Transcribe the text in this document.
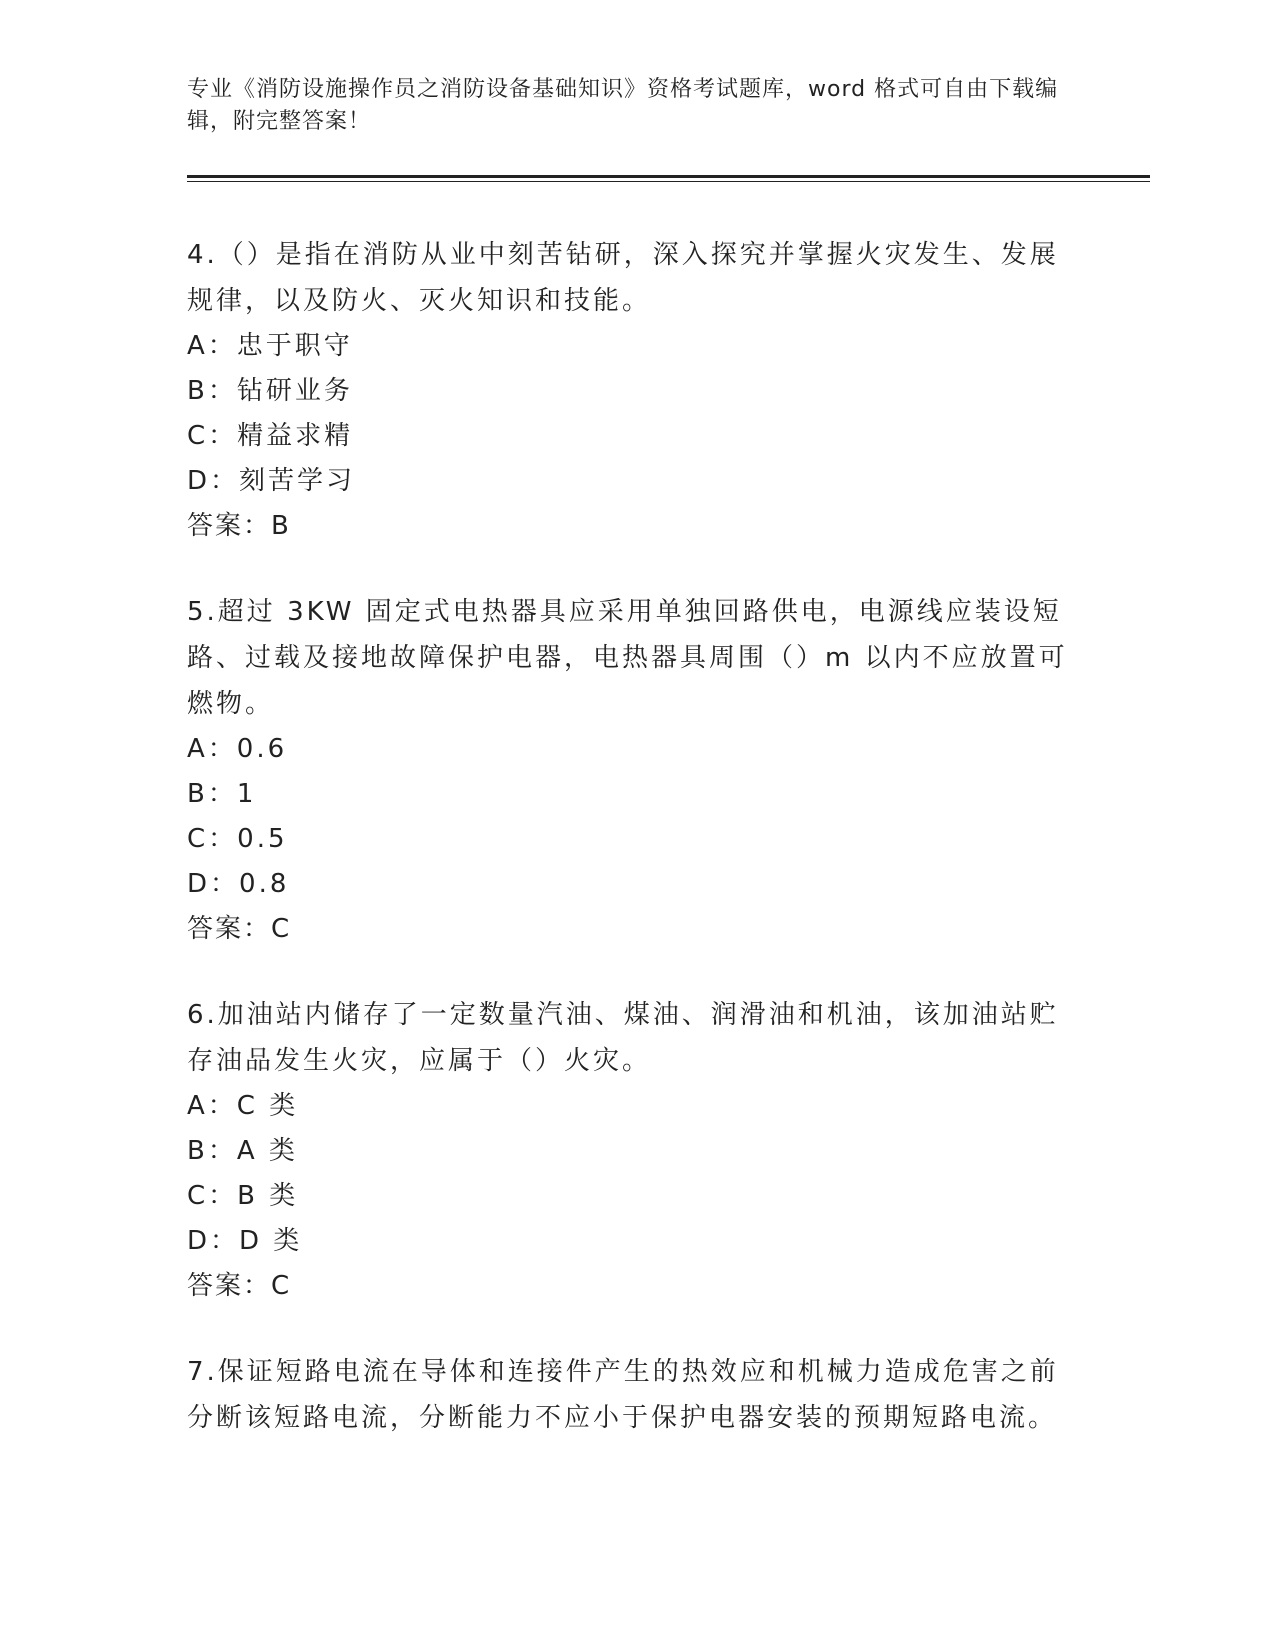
专业《消防设施操作员之消防设备基础知识》资格考试题库，word 格式可自由下载编辑，附完整答案！

4.（）是指在消防从业中刻苦钻研，深入探究并掌握火灾发生、发展规律，以及防火、灭火知识和技能。

A：忠于职守

B：钻研业务

C：精益求精

D：刻苦学习

答案：B

5.超过 3KW 固定式电热器具应采用单独回路供电，电源线应装设短路、过载及接地故障保护电器，电热器具周围（）m 以内不应放置可燃物。

A：0.6

B：1

C：0.5

D：0.8

答案：C

6.加油站内储存了一定数量汽油、煤油、润滑油和机油，该加油站贮存油品发生火灾，应属于（）火灾。

A：C 类

B：A 类

C：B 类

D：D 类

答案：C

7.保证短路电流在导体和连接件产生的热效应和机械力造成危害之前分断该短路电流，分断能力不应小于保护电器安装的预期短路电流。
